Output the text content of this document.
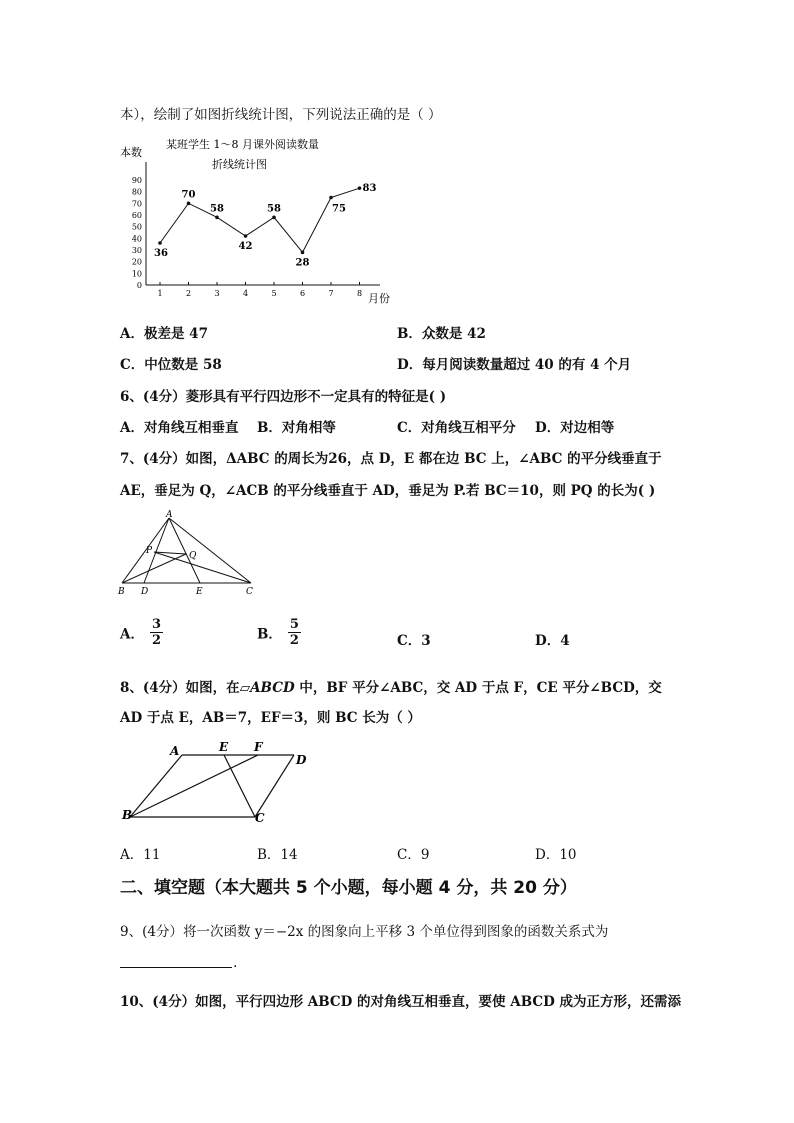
本），绘制了如图折线统计图，下列说法正确的是（ ）
某班学生 1～8 月课外阅读数量
折线统计图
本数
月份
0
10
20
30
40
50
60
70
80
90
1	2	3	4	5	6	7	8
36
70
58
42
58
28
75
83
A．极差是 47	B．众数是 42
C．中位数是 58	D．每月阅读数量超过 40 的有 4 个月
6、(4分）菱形具有平行四边形不一定具有的特征是( )
A．对角线互相垂直 B．对角相等	C．对角线互相平分 D．对边相等
7、(4分）如图，ΔABC 的周长为26，点 D，E 都在边 BC 上，∠ABC 的平分线垂直于
AE，垂足为 Q，∠ACB 的平分线垂直于 AD，垂足为 P.若 BC＝10，则 PQ 的长为( )
A
P	Q
B D	E	C
A． $\frac{3}{2}$	B． $\frac{5}{2}$	C．3	D．4
8、(4分）如图，在▱ABCD 中，BF 平分∠ABC，交 AD 于点 F，CE 平分∠BCD，交
AD 于点 E，AB＝7，EF＝3，则 BC 长为（ ）
A	E F
D
B	C
A．11	B．14	C．9	D．10
二、填空题（本大题共 5 个小题，每小题 4 分，共 20 分）
9、(4分）将一次函数 y＝−2x 的图象向上平移 3 个单位得到图象的函数关系式为
.
10、(4分）如图，平行四边形 ABCD 的对角线互相垂直，要使 ABCD 成为正方形，还需添
